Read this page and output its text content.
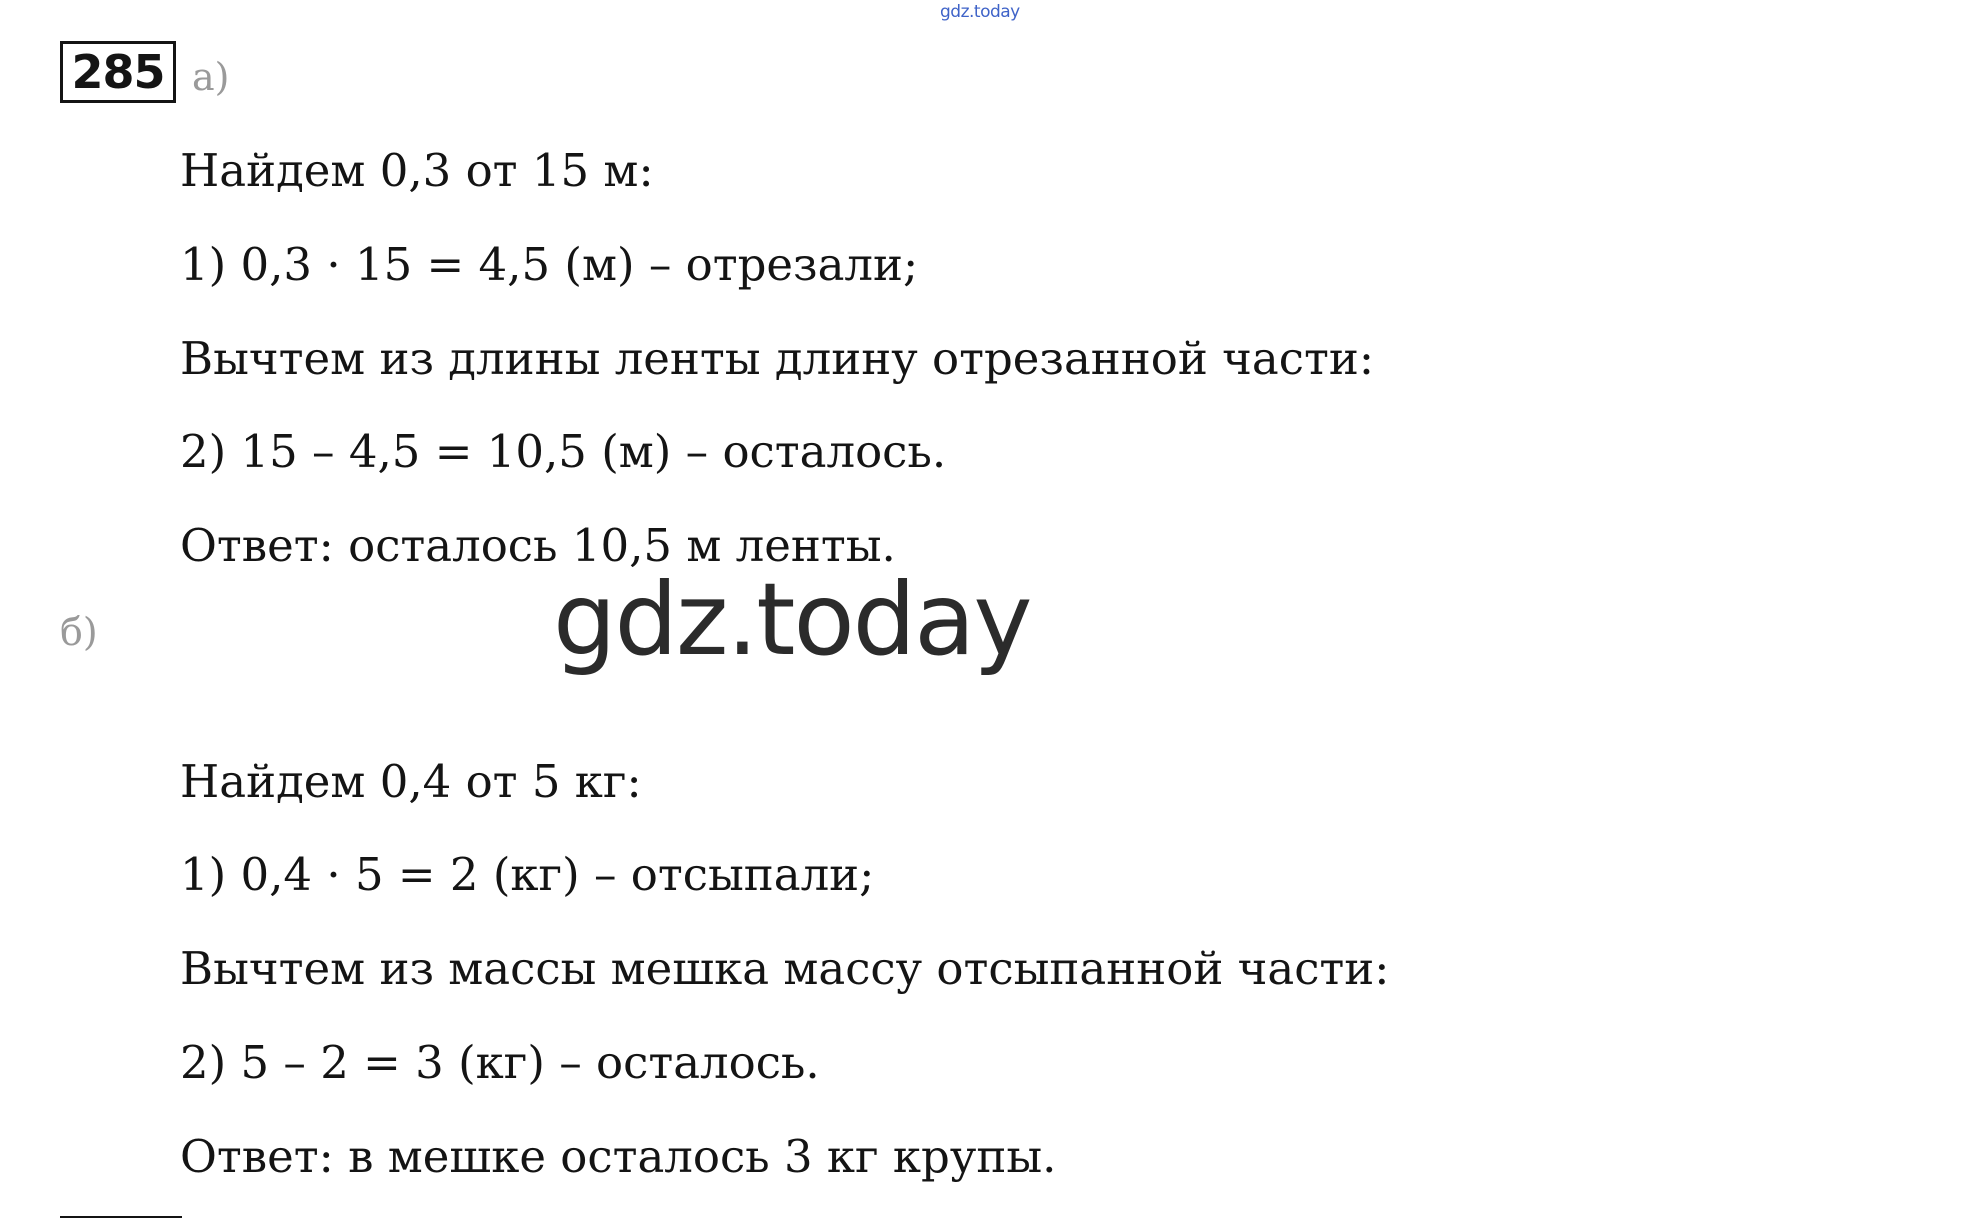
gdz.today
285 а)
Найдем 0,3 от 15 м:
1) 0,3 · 15 = 4,5 (м) – отрезали;
Вычтем из длины ленты длину отрезанной части:
2) 15 – 4,5 = 10,5 (м) – осталось.
Ответ: осталось 10,5 м ленты.
б)	gdz.today
Найдем 0,4 от 5 кг:
1) 0,4 · 5 = 2 (кг) – отсыпали;
Вычтем из массы мешка массу отсыпанной части:
2) 5 – 2 = 3 (кг) – осталось.
Ответ: в мешке осталось 3 кг крупы.
